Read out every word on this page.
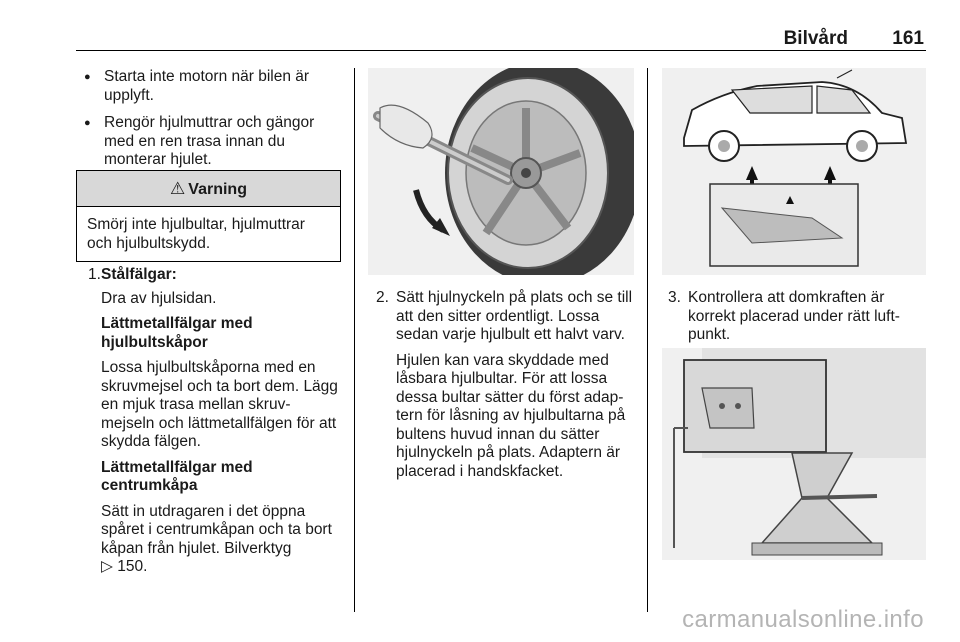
Bilvård 161
● Starta inte motorn när bilen är upplyft.
● Rengör hjulmuttrar och gängor med en ren trasa innan du monterar hjulet.
⚠ Varning
Smörj inte hjulbultar, hjulmuttrar och hjulbultskydd.
1. Stålfälgar:

Dra av hjulsidan.

Lättmetallfälgar med hjulbultskåpor

Lossa hjulbultskåporna med en skruvmejsel och ta bort dem. Lägg en mjuk trasa mellan skruv-mejseln och lättmetallfälgen för att skydda fälgen.

Lättmetallfälgar med centrumkåpa

Sätt in utdragaren i det öppna spåret i centrumkåpan och ta bort kåpan från hjulet. Bilverktyg
▷ 150.

2. Sätt hjulnyckeln på plats och se till att den sitter ordentligt. Lossa sedan varje hjulbult ett halvt varv.

Hjulen kan vara skyddade med låsbara hjulbultar. För att lossa dessa bultar sätter du först adap-tern för låsning av hjulbultarna på bultens huvud innan du sätter hjulnyckeln på plats. Adaptern är placerad i handskfacket.

3. Kontrollera att domkraften är korrekt placerad under rätt luft-punkt.

carmanualsonline.info
